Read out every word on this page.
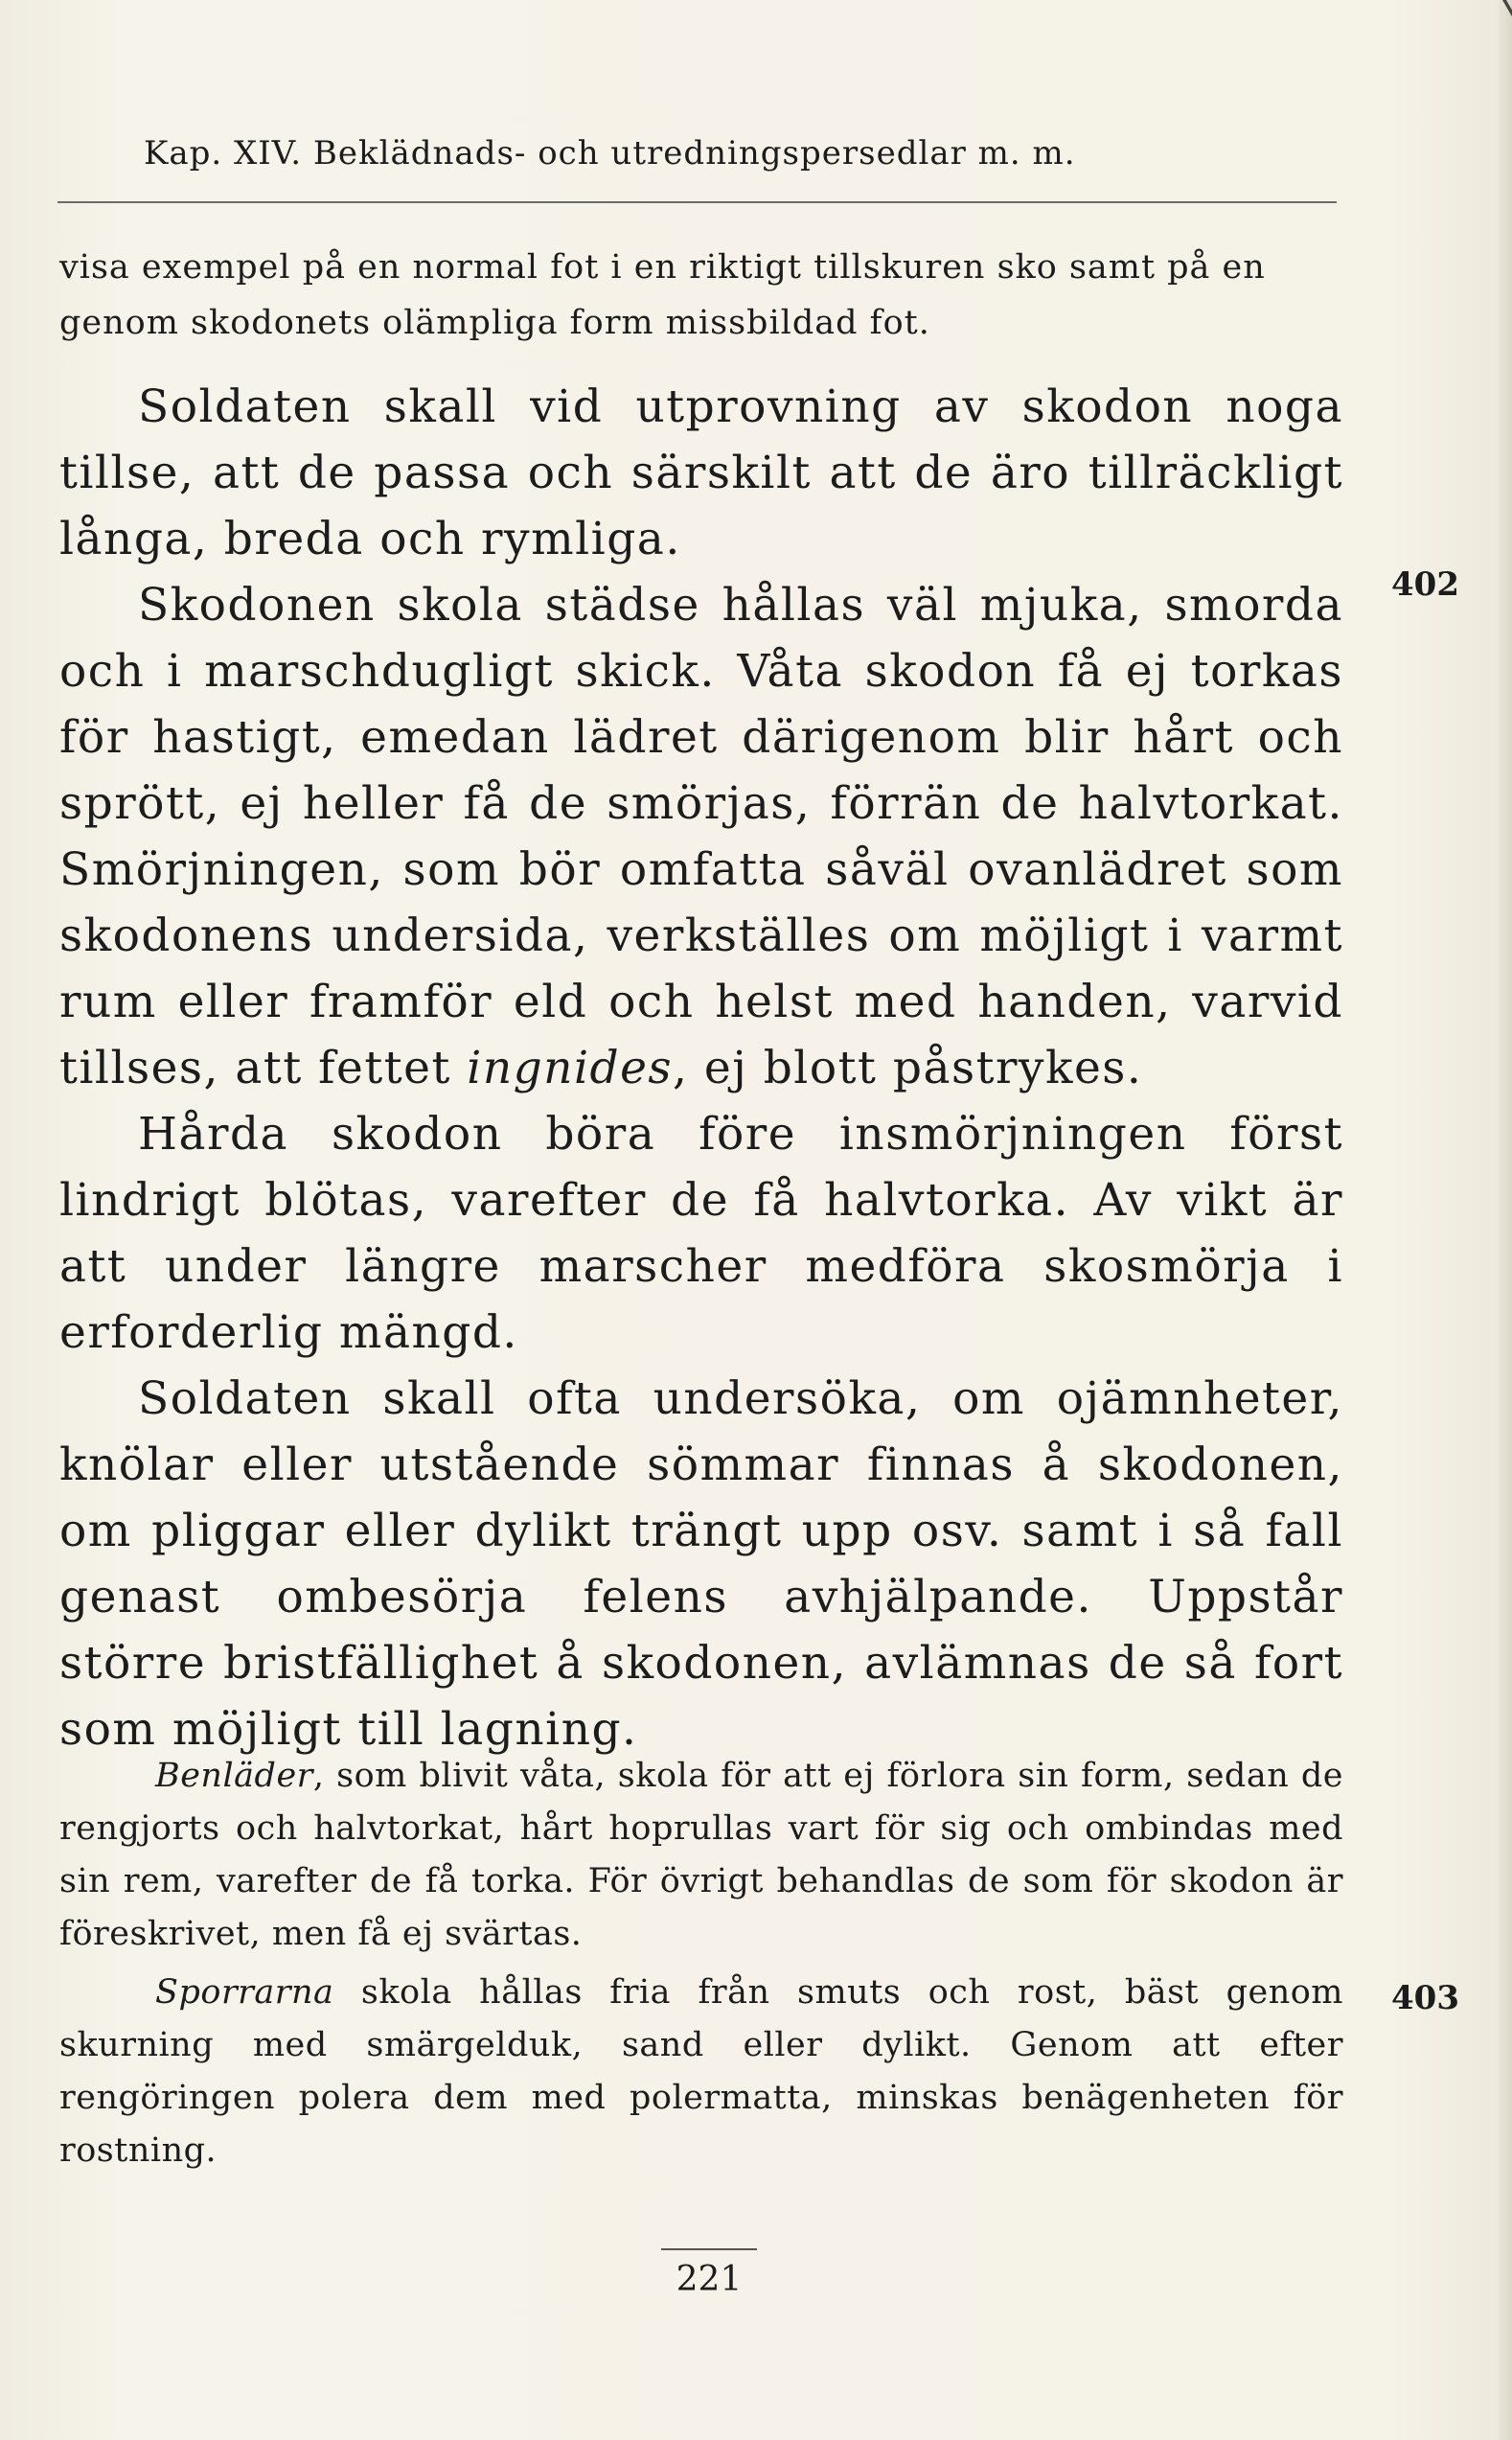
Kap. XIV. Beklädnads- och utredningspersedlar m. m.
visa exempel på en normal fot i en riktigt tillskuren sko samt på en genom skodonets olämpliga form missbildad fot.

Soldaten skall vid utprovning av skodon noga tillse, att de passa och särskilt att de äro tillräckligt långa, breda och rymliga.

Skodonen skola städse hållas väl mjuka, smorda och i marschdugligt skick. Våta skodon få ej torkas för hastigt, emedan lädret därigenom blir hårt och sprött, ej heller få de smörjas, förrän de halvtorkat. Smörjningen, som bör omfatta såväl ovanlädret som skodonens undersida, verkställes om möjligt i varmt rum eller framför eld och helst med handen, varvid tillses, att fettet ingnides, ej blott påstrykes.

Hårda skodon böra före insmörjningen först lindrigt blötas, varefter de få halvtorka. Av vikt är att under längre marscher medföra skosmörja i erforderlig mängd.

Soldaten skall ofta undersöka, om ojämnheter, knölar eller utstående sömmar finnas å skodonen, om pliggar eller dylikt trängt upp osv. samt i så fall genast ombesörja felens avhjälpande. Uppstår större bristfällighet å skodonen, avlämnas de så fort som möjligt till lagning.

Benläder, som blivit våta, skola för att ej förlora sin form, sedan de rengjorts och halvtorkat, hårt hoprullas vart för sig och ombindas med sin rem, varefter de få torka. För övrigt behandlas de som för skodon är föreskrivet, men få ej svärtas.

Sporrarna skola hållas fria från smuts och rost, bäst genom skurning med smärgelduk, sand eller dylikt. Genom att efter rengöringen polera dem med polermatta, minskas benägenheten för rostning.

402
403
221
